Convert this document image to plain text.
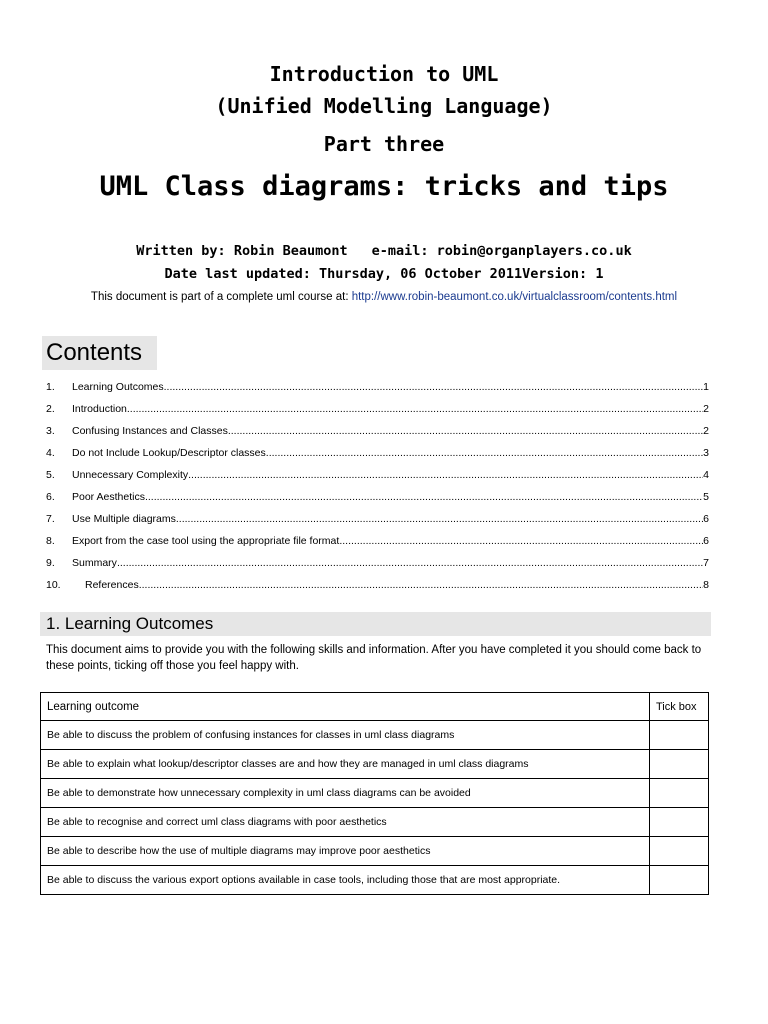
Introduction to UML
(Unified Modelling Language)
Part three
UML Class diagrams: tricks and tips
Written by: Robin Beaumont e-mail: robin@organplayers.co.uk
Date last updated: Thursday, 06 October 2011Version: 1
This document is part of a complete uml course at: http://www.robin-beaumont.co.uk/virtualclassroom/contents.html
Contents
1.	Learning Outcomes .....	1
2.	Introduction .....	2
3.	Confusing Instances and Classes .....	2
4.	Do not Include Lookup/Descriptor classes .....	3
5.	Unnecessary Complexity .....	4
6.	Poor Aesthetics .....	5
7.	Use Multiple diagrams .....	6
8.	Export from the case tool using the appropriate file format .....	6
9.	Summary .....	7
10.	References .....	8
1. Learning Outcomes
This document aims to provide you with the following skills and information. After you have completed it you should come back to these points, ticking off those you feel happy with.
Learning outcome	Tick box
Be able to discuss the problem of confusing instances for classes in uml class diagrams	
Be able to explain what lookup/descriptor classes are and how they are managed in uml class diagrams	
Be able to demonstrate how unnecessary complexity in uml class diagrams can be avoided	
Be able to recognise and correct uml class diagrams with poor aesthetics	
Be able to describe how the use of multiple diagrams may improve poor aesthetics	
Be able to discuss the various export options available in case tools, including those that are most appropriate.	
